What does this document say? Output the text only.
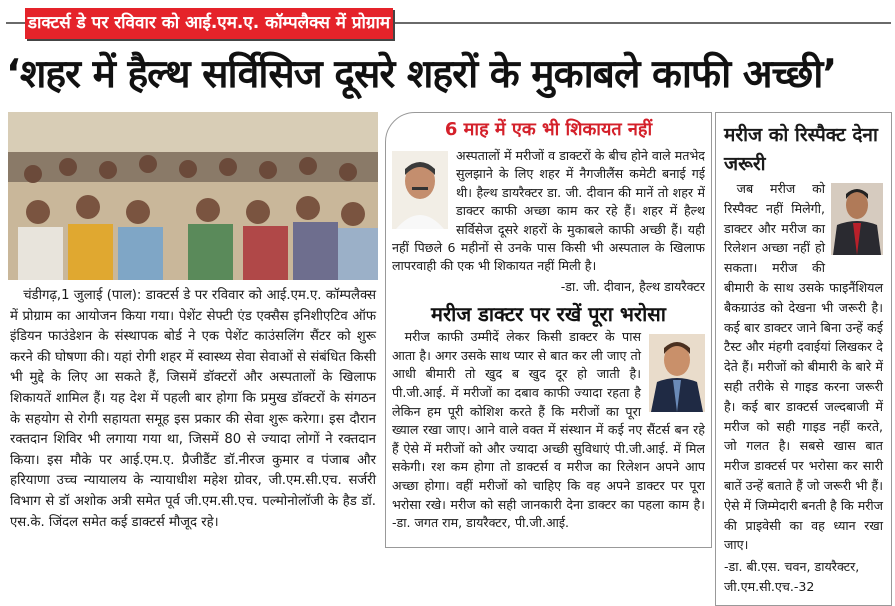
डाक्टर्स डे पर रविवार को आई.एम.ए. कॉम्पलैक्स में प्रोग्राम
‘शहर में हैल्थ सर्विसिज दूसरे शहरों के मुकाबले काफी अच्छी’
 चंडीगढ़,1 जुलाई (पाल): डाक्टर्स डे पर रविवार को आई.एम.ए. कॉम्पलैक्स में प्रोग्राम का आयोजन किया गया। पेशेंट सेफ्टी एंड एक्सैस इनिशीएटिव ऑफ इंडियन फाउंडेशन के संस्थापक बोर्ड ने एक पेशेंट काउंसलिंग सैंटर को शुरू करने की घोषणा की। यहां रोगी शहर में स्वास्थ्य सेवा सेवाओं से संबंधित किसी भी मुद्दे के लिए आ सकते हैं, जिसमें डॉक्टरों और अस्पतालों के खिलाफ शिकायतें शामिल हैं। यह देश में पहली बार होगा कि प्रमुख डॉक्टरों के संगठन के सहयोग से रोगी सहायता समूह इस प्रकार की सेवा शुरू करेगा। इस दौरान रक्तदान शिविर भी लगाया गया था, जिसमें 80 से ज्यादा लोगों ने रक्तदान किया। इस मौके पर आई.एम.ए. प्रैजीडैंट डॉ.नीरज कुमार व पंजाब और हरियाणा उच्च न्यायालय के न्यायाधीश महेश ग्रोवर, जी.एम.सी.एच. सर्जरी विभाग से डॉ अशोक अत्री समेत पूर्व जी.एम.सी.एच. पल्मोनोलॉजी के हैड डॉ. एस.के. जिंदल समेत कई डाक्टर्स मौजूद रहे।
6 माह में एक भी शिकायत नहीं
अस्पतालों में मरीजों व डाक्टरों के बीच होने वाले मतभेद सुलझाने के लिए शहर में नैगजीलैंस कमेटी बनाई गई थी। हैल्थ डायरैक्टर डा. जी. दीवान की मानें तो शहर में डाक्टर काफी अच्छा काम कर रहे हैं। शहर में हैल्थ सर्विसेज दूसरे शहरों के मुकाबले काफी अच्छी हैं। यही नहीं पिछले 6 महीनों से उनके पास किसी भी अस्पताल के खिलाफ लापरवाही की एक भी शिकायत नहीं मिली है।
-डा. जी. दीवान, हैल्थ डायरैक्टर
मरीज डाक्टर पर रखें पूरा भरोसा
 मरीज काफी उम्मीदें लेकर किसी डाक्टर के पास आता है। अगर उसके साथ प्यार से बात कर ली जाए तो आधी बीमारी तो खुद ब खुद दूर हो जाती है। पी.जी.आई. में मरीजों का दबाव काफी ज्यादा रहता है लेकिन हम पूरी कोशिश करते हैं कि मरीजों का पूरा ख्याल रखा जाए। आने वाले वक्त में संस्थान में कई नए सैंटर्स बन रहे हैं ऐसे में मरीजों को और ज्यादा अच्छी सुविधाएं पी.जी.आई. में मिल सकेगी। रश कम होगा तो डाक्टर्स व मरीज का रिलेशन अपने आप अच्छा होगा। वहीं मरीजों को चाहिए कि वह अपने डाक्टर पर पूरा भरोसा रखे। मरीज को सही जानकारी देना डाक्टर का पहला काम है। -डा. जगत राम, डायरैक्टर, पी.जी.आई.
मरीज को रिस्पैक्ट देना जरूरी
 जब मरीज को रिस्पैक्ट नहीं मिलेगी, डाक्टर और मरीज का रिलेशन अच्छा नहीं हो सकता। मरीज की बीमारी के साथ उसके फाइनैंशियल बैकग्राउंड को देखना भी जरूरी है। कई बार डाक्टर जाने बिना उन्हें कई टैस्ट और मंहगी दवाईयां लिखकर दे देते हैं। मरीजों को बीमारी के बारे में सही तरीके से गाइड करना जरूरी है। कई बार डाक्टर्स जल्दबाजी में मरीज को सही गाइड नहीं करते, जो गलत है। सबसे खास बात मरीज डाक्टर्स पर भरोसा कर सारी बातें उन्हें बताते हैं जो जरूरी भी हैं। ऐसे में जिम्मेदारी बनती है कि मरीज की प्राइवेसी का वह ध्यान रखा जाए।
-डा. बी.एस. चवन, डायरैक्टर, जी.एम.सी.एच.-32
